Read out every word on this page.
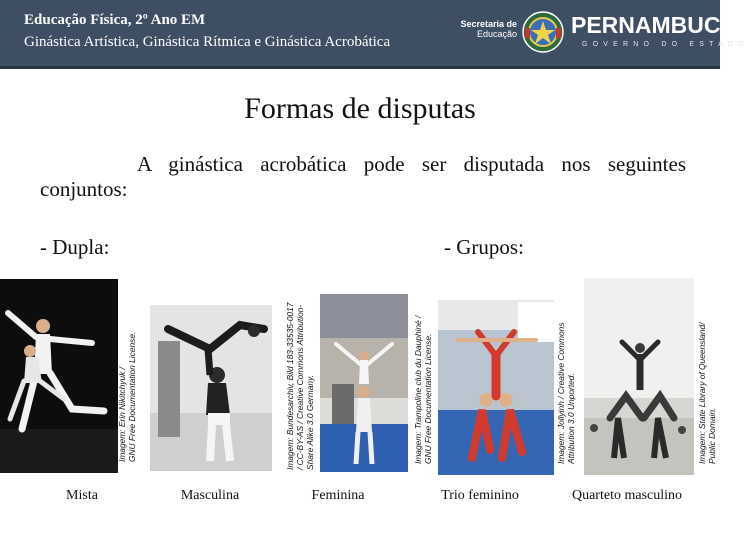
Educação Física, 2º Ano EM
Ginástica Artística, Ginástica Rítmica e Ginástica Acrobática
Secretaria de
Educação PERNAMBUCO
GOVERNO DO ESTADO
Formas de disputas
A ginástica acrobática pode ser disputada nos seguintes conjuntos:
- Dupla:	- Grupos:
Imagem: Erin Nikitchyuk / GNU Free Documentation License.	Imagem: Bundesarchiv, Bild 183-33535-0017 / CC-BY-AS / Creative Commons Attribution- Share Alike 3.0 Germany.	Imagem: Trampoline club du Dauphiné / GNU Free Documentation License.	Imagem: Jollyinh / Creative Commons Attribution 3.0 Unported.	Imagem: State Library of Queensland/ Public Domain.
Mista	Masculina	Feminina	Trio feminino	Quarteto masculino
